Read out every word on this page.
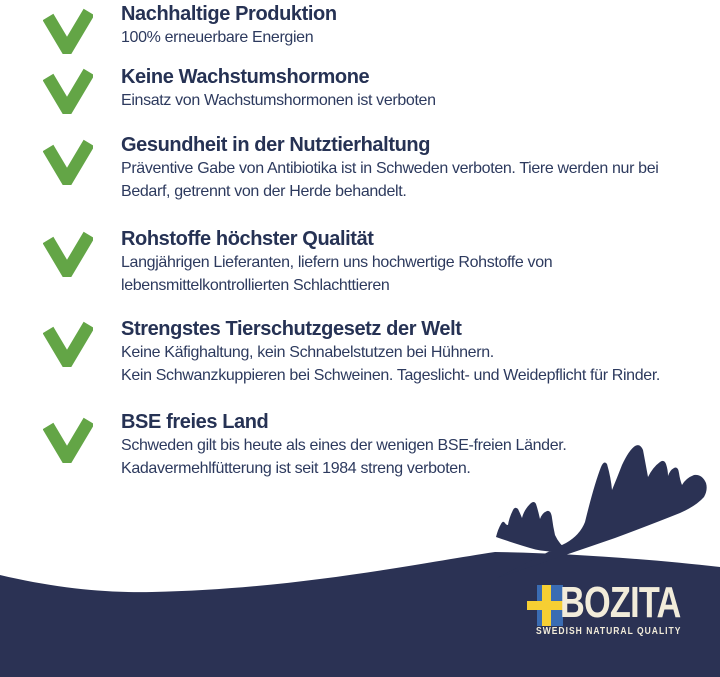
Nachhaltige Produktion
100% erneuerbare Energien
Keine Wachstumshormone
Einsatz von Wachstumshormonen ist verboten
Gesundheit in der Nutztierhaltung
Präventive Gabe von Antibiotika ist in Schweden verboten. Tiere werden nur bei
Bedarf, getrennt von der Herde behandelt.
Rohstoffe höchster Qualität
Langjährigen Lieferanten, liefern uns hochwertige Rohstoffe von
lebensmittelkontrollierten Schlachttieren
Strengstes Tierschutzgesetz der Welt
Keine Käfighaltung, kein Schnabelstutzen bei Hühnern.
Kein Schwanzkuppieren bei Schweinen. Tageslicht- und Weidepflicht für Rinder.
BSE freies Land
Schweden gilt bis heute als eines der wenigen BSE-freien Länder.
Kadavermehlfütterung ist seit 1984 streng verboten.
BOZITA
SWEDISH NATURAL QUALITY
